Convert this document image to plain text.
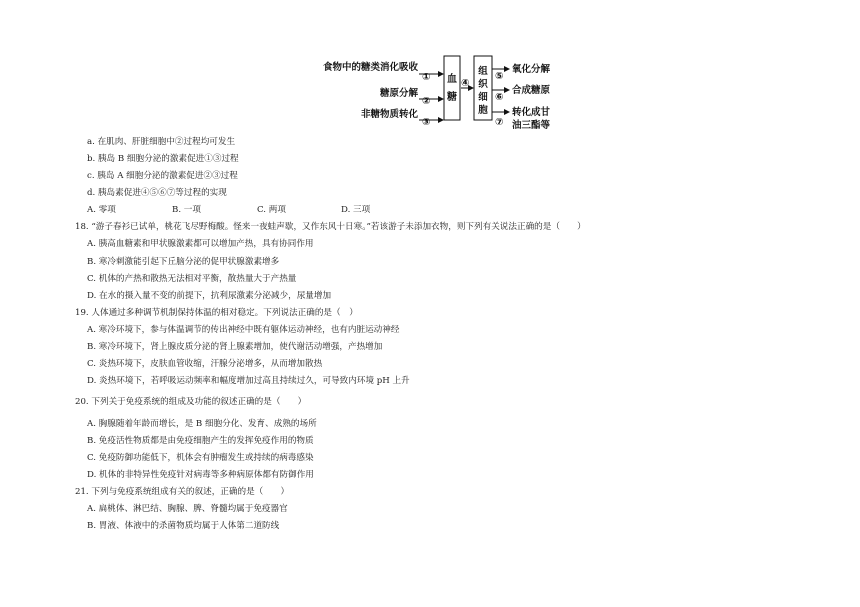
食物中的糖类消化吸收
糖原分解
非糖物质转化
①
②
③
血
糖
④
组
织
细
胞
⑤
⑥
⑦
氧化分解
合成糖原
转化成甘
油三酯等
a. 在肌肉、肝脏细胞中②过程均可发生
b. 胰岛 B 细胞分泌的激素促进①③过程
c. 胰岛 A 细胞分泌的激素促进②③过程
d. 胰岛素促进④⑤⑥⑦等过程的实现
A. 零项	B. 一项	C. 两项	D. 三项
18. “游子春衫已试单，桃花飞尽野梅酸。怪来一夜蛙声歇，又作东风十日寒。”若该游子未添加衣物，则下列有关说法正确的是（　　）
A. 胰高血糖素和甲状腺激素都可以增加产热，具有协同作用
B. 寒冷刺激能引起下丘脑分泌的促甲状腺激素增多
C. 机体的产热和散热无法相对平衡，散热量大于产热量
D. 在水的摄入量不变的前提下，抗利尿激素分泌减少，尿量增加
19. 人体通过多种调节机制保持体温的相对稳定。下列说法正确的是（　）
A. 寒冷环境下，参与体温调节的传出神经中既有躯体运动神经，也有内脏运动神经
B. 寒冷环境下，肾上腺皮质分泌的肾上腺素增加，使代谢活动增强，产热增加
C. 炎热环境下，皮肤血管收缩，汗腺分泌增多，从而增加散热
D. 炎热环境下，若呼吸运动频率和幅度增加过高且持续过久，可导致内环境 pH 上升
20. 下列关于免疫系统的组成及功能的叙述正确的是（　　）
A. 胸腺随着年龄而增长，是 B 细胞分化、发育、成熟的场所
B. 免疫活性物质都是由免疫细胞产生的发挥免疫作用的物质
C. 免疫防御功能低下，机体会有肿瘤发生或持续的病毒感染
D. 机体的非特异性免疫针对病毒等多种病原体都有防御作用
21. 下列与免疫系统组成有关的叙述，正确的是（　　）
A. 扁桃体、淋巴结、胸腺、脾、脊髓均属于免疫器官
B. 胃液、体液中的杀菌物质均属于人体第二道防线
